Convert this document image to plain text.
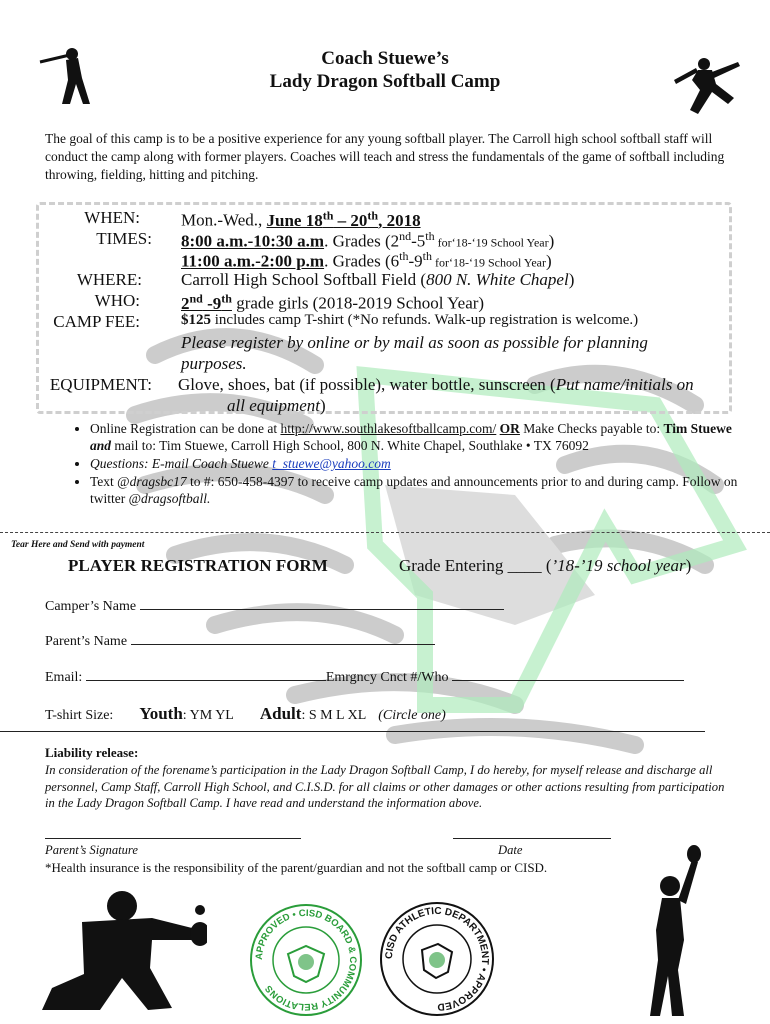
Coach Stuewe’s
Lady Dragon Softball Camp
The goal of this camp is to be a positive experience for any young softball player. The Carroll high school softball staff will conduct the camp along with former players. Coaches will teach and stress the fundamentals of the game of softball including throwing, fielding, hitting and pitching.
WHEN: Mon.-Wed., June 18th – 20th, 2018
TIMES: 8:00 a.m.-10:30 a.m. Grades (2nd-5th for‘18-‘19 School Year)
11:00 a.m.-2:00 p.m. Grades (6th-9th for‘18-‘19 School Year)
WHERE: Carroll High School Softball Field (800 N. White Chapel)
WHO: 2nd -9th grade girls (2018-2019 School Year)
CAMP FEE:	$125 includes camp T-shirt (*No refunds. Walk-up registration is welcome.)
Please register by online or by mail as soon as possible for planning
purposes.
EQUIPMENT: Glove, shoes, bat (if possible), water bottle, sunscreen (Put name/initials on
all equipment)
• Online Registration can be done at http://www.southlakesoftballcamp.com/ OR Make Checks payable to: Tim Stuewe and mail to: Tim Stuewe, Carroll High School, 800 N. White Chapel, Southlake • TX 76092
• Questions: E-mail Coach Stuewe t_stuewe@yahoo.com
• Text @dragsbc17 to #: 650-458-4397 to receive camp updates and announcements prior to and during camp. Follow on twitter @dragsoftball.
Tear Here and Send with payment
PLAYER REGISTRATION FORM	Grade Entering ____ (’18-’19 school year)
Camper’s Name
Parent’s Name
Email:	Emrgncy Cnct #/Who
T-shirt Size: Youth: YM YL Adult: S M L XL (Circle one)
Liability release:
In consideration of the forename’s participation in the Lady Dragon Softball Camp, I do hereby, for myself release and discharge all personnel, Camp Staff, Carroll High School, and C.I.S.D. for all claims or other damages or other actions resulting from participation in the Lady Dragon Softball Camp. I have read and understand the information above.
Parent’s Signature	Date
*Health insurance is the responsibility of the parent/guardian and not the softball camp or CISD.
APPROVED • CISD BOARD & COMMUNITY RELATIONS
CISD ATHLETIC DEPARTMENT • APPROVED
